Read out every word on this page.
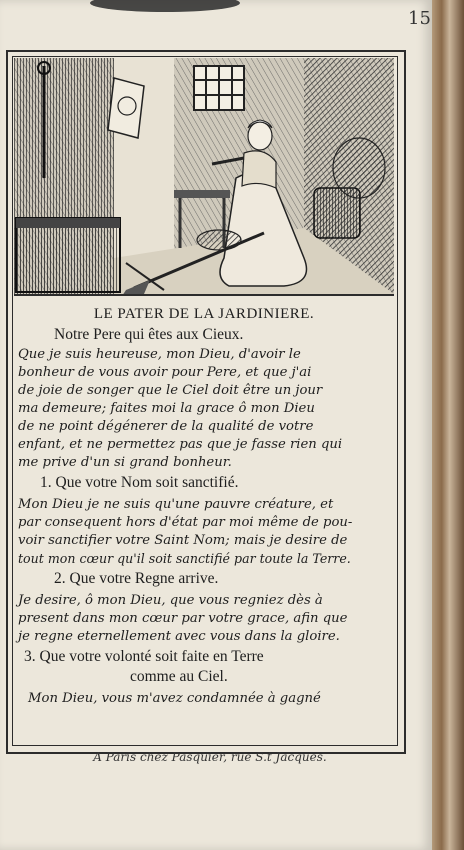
15
LE PATER DE LA JARDINIERE.
Notre Pere qui êtes aux Cieux.
Que je suis heureuse, mon Dieu, d'avoir le
bonheur de vous avoir pour Pere, et que j'ai
de joie de songer que le Ciel doit être un jour
ma demeure; faites moi la grace ô mon Dieu
de ne point dégénerer de la qualité de votre
enfant, et ne permettez pas que je fasse rien qui
me prive d'un si grand bonheur.
1. Que votre Nom soit sanctifié.
Mon Dieu je ne suis qu'une pauvre créature, et
par consequent hors d'état par moi même de pou-
voir sanctifier votre Saint Nom; mais je desire de
tout mon cœur qu'il soit sanctifié par toute la Terre.
2. Que votre Regne arrive.
Je desire, ô mon Dieu, que vous regniez dès à
present dans mon cœur par votre grace, afin que
je regne eternellement avec vous dans la gloire.
3. Que votre volonté soit faite en Terre
comme au Ciel.
Mon Dieu, vous m'avez condamnée à gagné
A Paris chez Pasquier, rue S.t Jacques.
